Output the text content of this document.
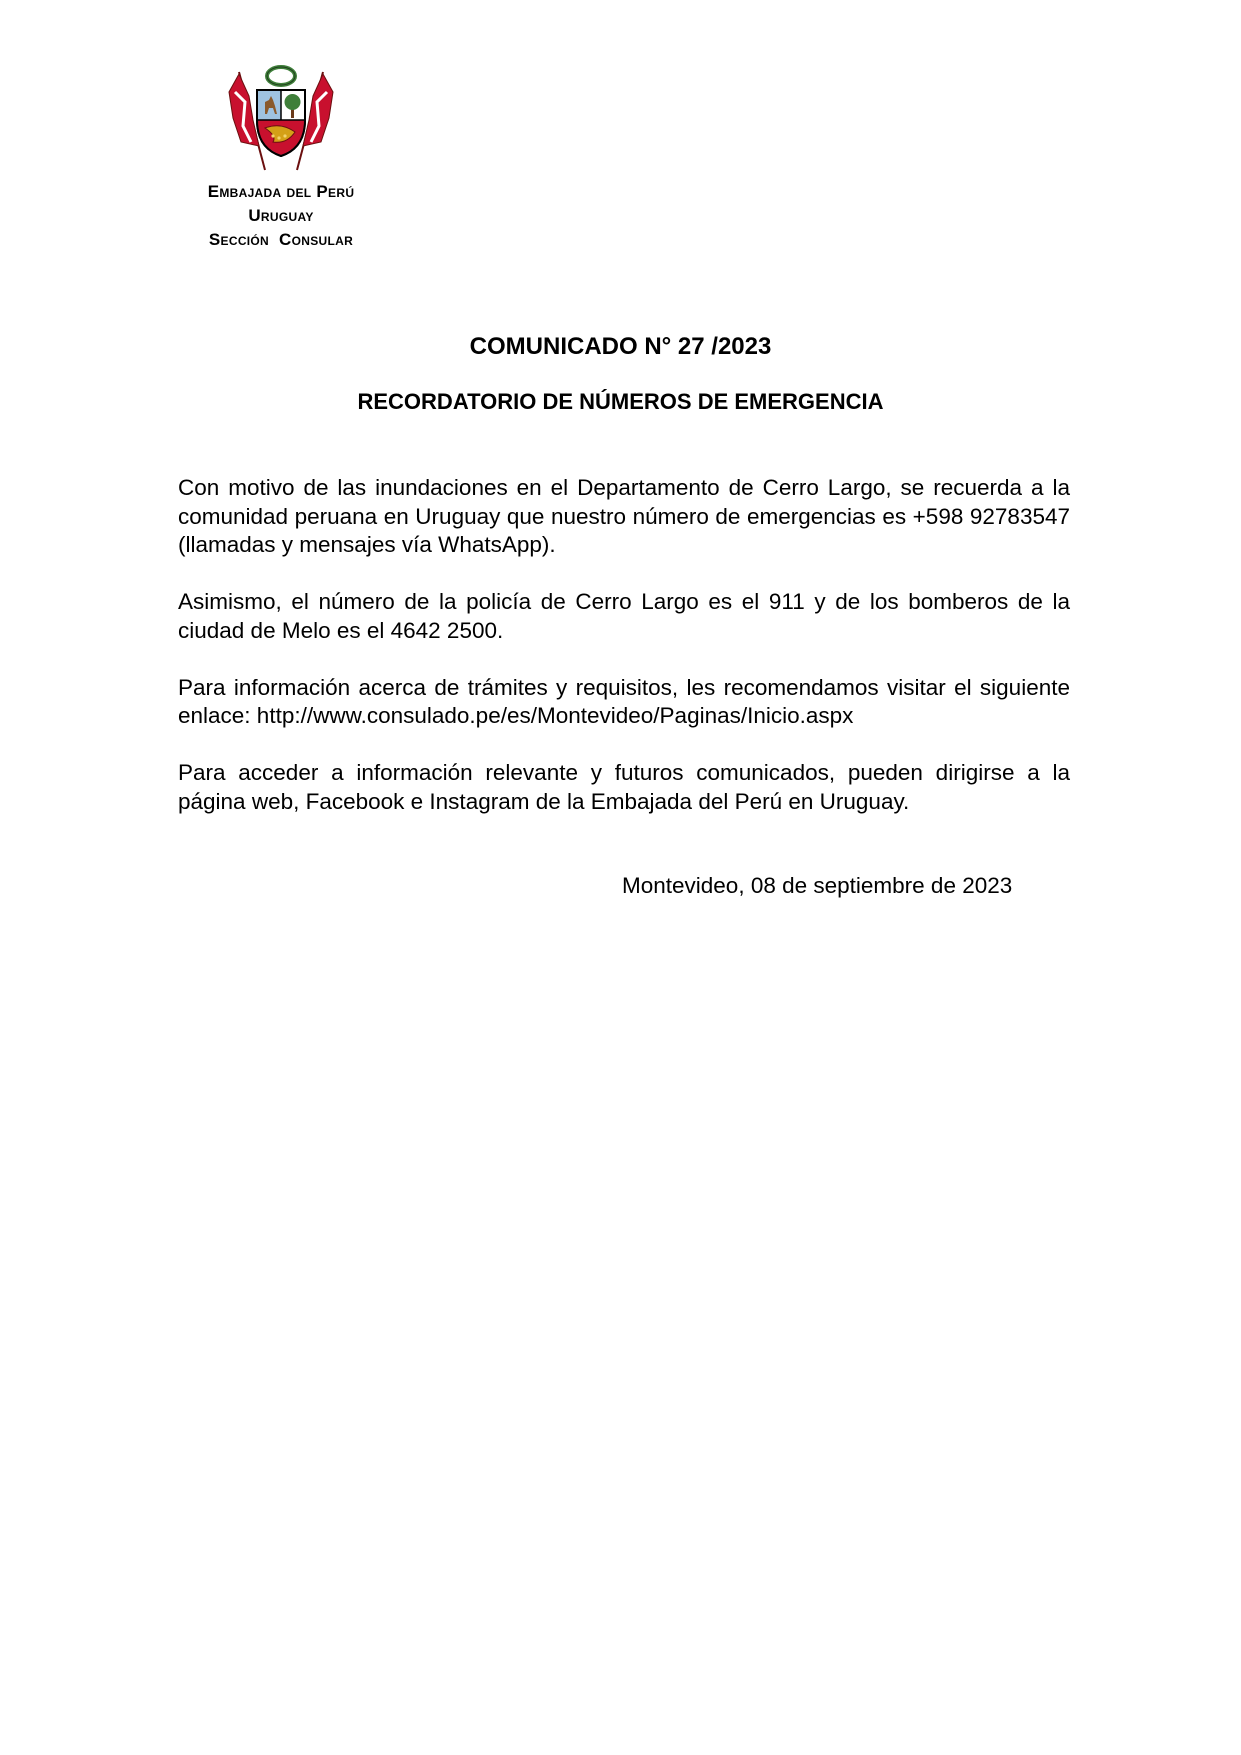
Embajada del Perú
Uruguay
Sección  Consular
COMUNICADO N° 27 /2023
RECORDATORIO DE NÚMEROS DE EMERGENCIA

Con motivo de las inundaciones en el Departamento de Cerro Largo, se recuerda a la comunidad peruana en Uruguay que nuestro número de emergencias es +598 92783547 (llamadas y mensajes vía WhatsApp).

Asimismo, el número de la policía de Cerro Largo es el 911 y de los bomberos de la ciudad de Melo es el 4642 2500.

Para información acerca de trámites y requisitos, les recomendamos visitar el siguiente enlace: http://www.consulado.pe/es/Montevideo/Paginas/Inicio.aspx

Para acceder a información relevante y futuros comunicados, pueden dirigirse a la página web, Facebook e Instagram de la Embajada del Perú en Uruguay.

Montevideo, 08 de septiembre de 2023
